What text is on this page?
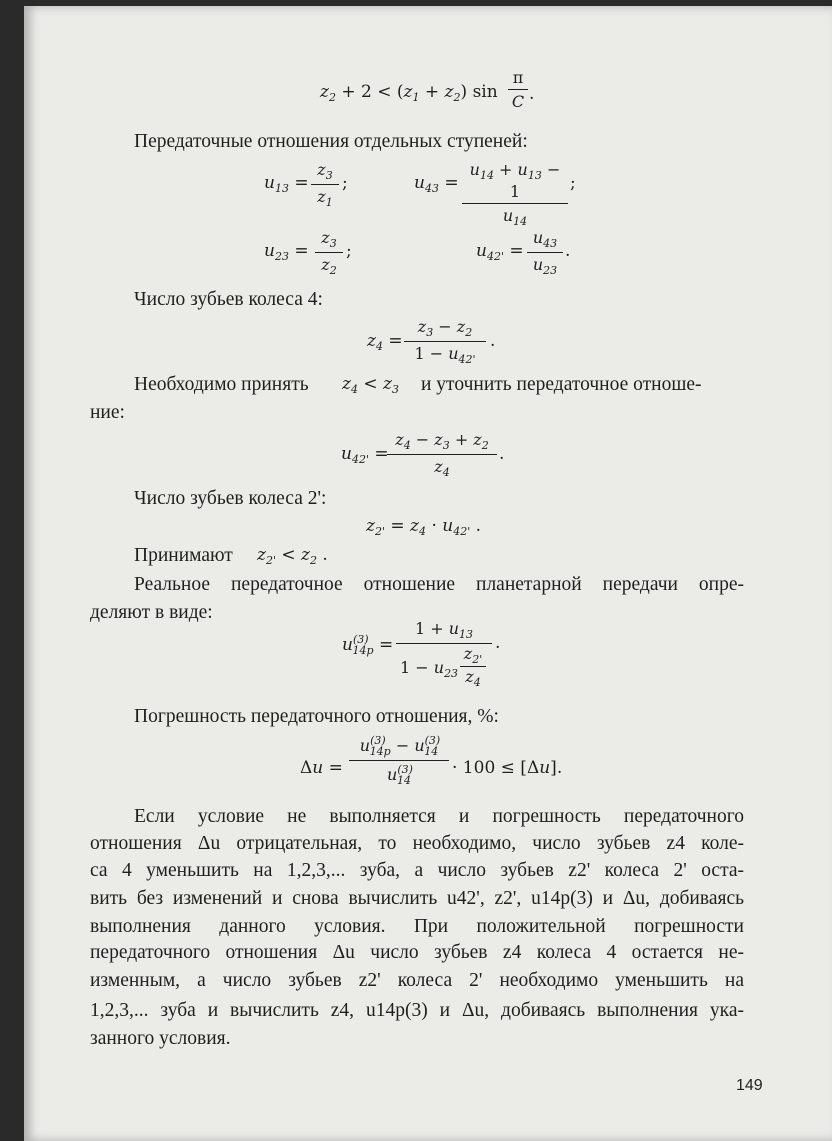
$z_2 + 2 < (z_1 + z_2)$ sin
π
C .
Передаточные отношения отдельных ступеней:
$u_{13}$ =
$z_3$
$z_1$
;	$u_{43}$ =
$u_{14} + u_{13} - 1$
$u_{14}$
;
$u_{23}$ =
$z_3$
$z_2$
;	$u_{42'}$ =
$u_{43}$
$u_{23}$
.
Число зубьев колеса 4:
$z_4$ =
$z_3 - z_2$
$1 - u_{42'}$
.
Необходимо принять $z_4 < z_3$ и уточнить передаточное отноше-
ние:
$u_{42'}$ =
$z_4 - z_3 + z_2$
$z_4$
.
Число зубьев колеса 2':
$z_{2'} = z_4 \cdot u_{42'}$ .
Принимают $z_{2'} < z_2$ .
Реальное передаточное отношение планетарной передачи опре-
деляют в виде:
$u^{(3)}_{14p}$ =
$1 + u_{13}$
$1 - u_{23}$
$z_{2'}$
$z_4$
.
Погрешность передаточного отношения, %:
Δu =
$u^{(3)}_{14p} - u^{(3)}_{14}$
$u^{(3)}_{14}$
· 100 ≤ [Δu].
Если условие не выполняется и погрешность передаточного
отношения Δu отрицательная, то необходимо, число зубьев z4 коле-
са 4 уменьшить на 1,2,3,... зуба, а число зубьев z2' колеса 2' оста-
вить без изменений и снова вычислить u42', z2', u14p(3) и Δu, добиваясь
выполнения данного условия. При положительной погрешности
передаточного отношения Δu число зубьев z4 колеса 4 остается не-
изменным, а число зубьев z2' колеса 2' необходимо уменьшить на
1,2,3,... зуба и вычислить z4, u14p(3) и Δu, добиваясь выполнения ука-
занного условия.
149
